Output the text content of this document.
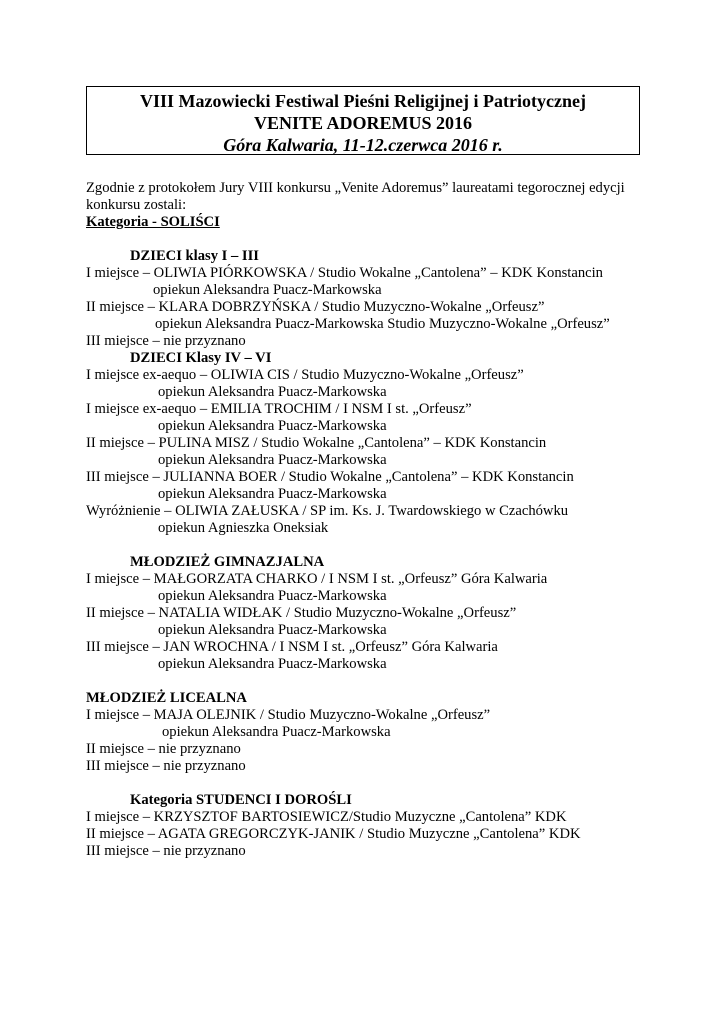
VIII Mazowiecki Festiwal Pieśni Religijnej i Patriotycznej
VENITE ADOREMUS 2016
Góra Kalwaria, 11-12.czerwca 2016 r.
Zgodnie z protokołem Jury VIII konkursu „Venite Adoremus” laureatami tegorocznej edycji
konkursu zostali:
Kategoria - SOLIŚCI
DZIECI klasy I – III
I miejsce – OLIWIA PIÓRKOWSKA / Studio Wokalne „Cantolena” – KDK Konstancin
opiekun Aleksandra Puacz-Markowska
II miejsce – KLARA DOBRZYŃSKA / Studio Muzyczno-Wokalne „Orfeusz”
opiekun Aleksandra Puacz-Markowska Studio Muzyczno-Wokalne „Orfeusz”
III miejsce – nie przyznano
DZIECI Klasy IV – VI
I miejsce ex-aequo – OLIWIA CIS / Studio Muzyczno-Wokalne „Orfeusz”
opiekun Aleksandra Puacz-Markowska
I miejsce ex-aequo – EMILIA TROCHIM / I NSM I st. „Orfeusz”
opiekun Aleksandra Puacz-Markowska
II miejsce – PULINA MISZ / Studio Wokalne „Cantolena” – KDK Konstancin
opiekun Aleksandra Puacz-Markowska
III miejsce – JULIANNA BOER / Studio Wokalne „Cantolena” – KDK Konstancin
opiekun Aleksandra Puacz-Markowska
Wyróżnienie – OLIWIA ZAŁUSKA / SP im. Ks. J. Twardowskiego w Czachówku
opiekun Agnieszka Oneksiak
MŁODZIEŻ GIMNAZJALNA
I miejsce – MAŁGORZATA CHARKO / I NSM I st. „Orfeusz” Góra Kalwaria
opiekun Aleksandra Puacz-Markowska
II miejsce – NATALIA WIDŁAK / Studio Muzyczno-Wokalne „Orfeusz”
opiekun Aleksandra Puacz-Markowska
III miejsce – JAN WROCHNA / I NSM I st. „Orfeusz” Góra Kalwaria
opiekun Aleksandra Puacz-Markowska
MŁODZIEŻ LICEALNA
I miejsce – MAJA OLEJNIK / Studio Muzyczno-Wokalne „Orfeusz”
opiekun Aleksandra Puacz-Markowska
II miejsce – nie przyznano
III miejsce – nie przyznano
Kategoria STUDENCI I DOROŚLI
I miejsce – KRZYSZTOF BARTOSIEWICZ/Studio Muzyczne „Cantolena” KDK
II miejsce – AGATA GREGORCZYK-JANIK / Studio Muzyczne „Cantolena” KDK
III miejsce – nie przyznano
